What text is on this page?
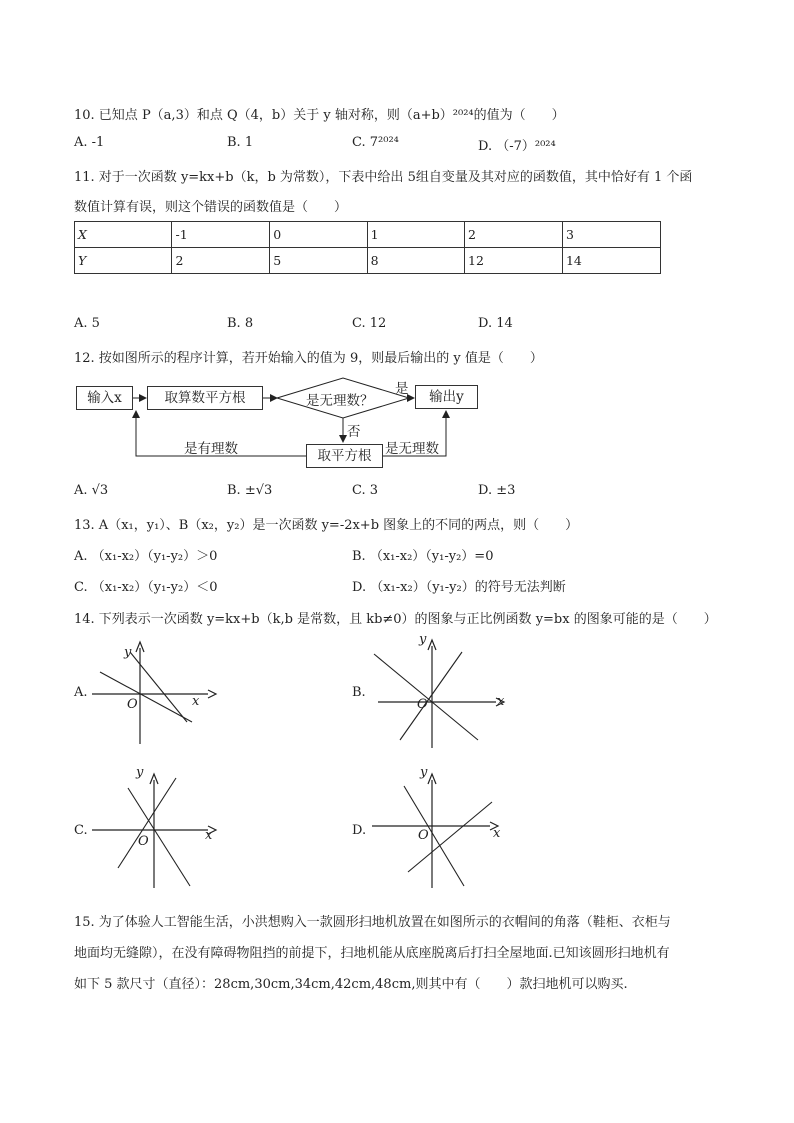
10. 已知点 P（a,3）和点 Q（4，b）关于 y 轴对称，则（a+b）²⁰²⁴的值为（　　）
A. -1	B. 1	C. 7²⁰²⁴	D. （-7）²⁰²⁴
11. 对于一次函数 y=kx+b（k，b 为常数），下表中给出 5组自变量及其对应的函数值，其中恰好有 1 个函
数值计算有误，则这个错误的函数值是（　　）
X	-1	0	1	2	3
Y	2	5	8	12	14
A. 5	B. 8	C. 12	D. 14
12. 按如图所示的程序计算，若开始输入的值为 9，则最后输出的 y 值是（　　）
输入x	取算数平方根	是无理数？
是	输出y
否
取平方根
是有理数	是无理数
A. √3	B. ±√3	C. 3	D. ±3
13. A（x₁，y₁）、B（x₂，y₂）是一次函数 y=-2x+b 图象上的不同的两点，则（　　）
A. （x₁-x₂）（y₁-y₂）＞0	B. （x₁-x₂）（y₁-y₂）=0
C. （x₁-x₂）（y₁-y₂）＜0	D. （x₁-x₂）（y₁-y₂）的符号无法判断
14. 下列表示一次函数 y=kx+b（k,b 是常数，且 kb≠0）的图象与正比例函数 y=bx 的图象可能的是（　　）
A.
y
x
O
B.
y
x
O
C.
y
x
O
D.
y
x
O
15. 为了体验人工智能生活，小洪想购入一款圆形扫地机放置在如图所示的衣帽间的角落（鞋柜、衣柜与
地面均无缝隙），在没有障碍物阻挡的前提下，扫地机能从底座脱离后打扫全屋地面.已知该圆形扫地机有
如下 5 款尺寸（直径）：28cm,30cm,34cm,42cm,48cm,则其中有（　　）款扫地机可以购买.
